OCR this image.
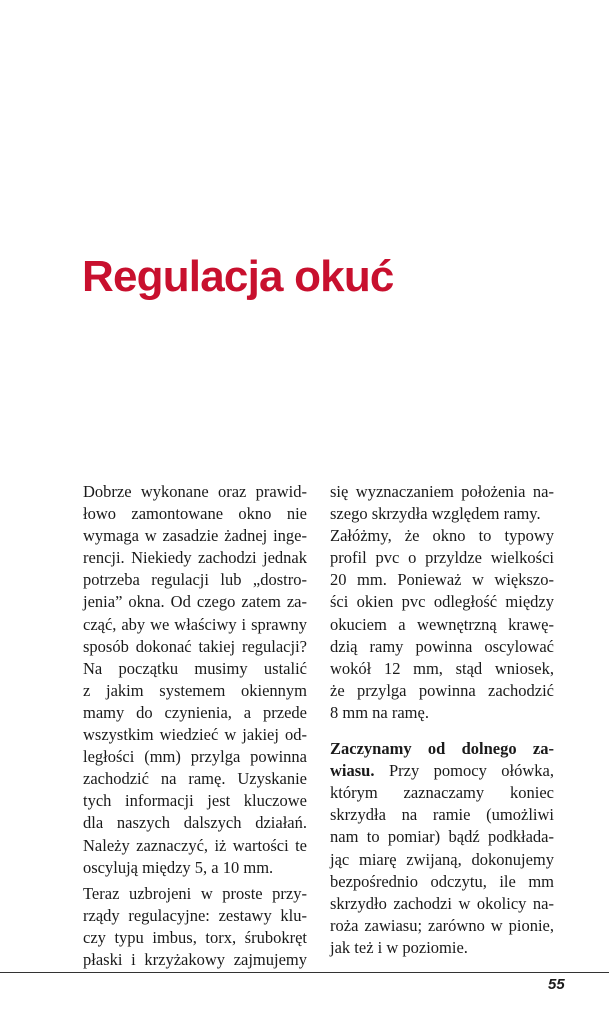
Regulacja okuć
Dobrze wykonane oraz prawid-
łowo zamontowane okno nie
wymaga w zasadzie żadnej inge-
rencji. Niekiedy zachodzi jednak
potrzeba regulacji lub „dostro-
jenia” okna. Od czego zatem za-
cząć, aby we właściwy i sprawny
sposób dokonać takiej regulacji?
Na początku musimy ustalić
z jakim systemem okiennym
mamy do czynienia, a przede
wszystkim wiedzieć w jakiej od-
ległości (mm) przylga powinna
zachodzić na ramę. Uzyskanie
tych informacji jest kluczowe
dla naszych dalszych działań.
Należy zaznaczyć, iż wartości te
oscylują między 5, a 10 mm.
Teraz uzbrojeni w proste przy-
rządy regulacyjne: zestawy klu-
czy typu imbus, torx, śrubokręt
płaski i krzyżakowy zajmujemy
się wyznaczaniem położenia na-
szego skrzydła względem ramy.
Załóżmy, że okno to typowy
profil pvc o przyldze wielkości
20 mm. Ponieważ w większo-
ści okien pvc odległość między
okuciem a wewnętrzną krawę-
dzią ramy powinna oscylować
wokół 12 mm, stąd wniosek,
że przylga powinna zachodzić
8 mm na ramę.
Zaczynamy od dolnego za-
wiasu. Przy pomocy ołówka,
którym zaznaczamy koniec
skrzydła na ramie (umożliwi
nam to pomiar) bądź podkłada-
jąc miarę zwijaną, dokonujemy
bezpośrednio odczytu, ile mm
skrzydło zachodzi w okolicy na-
roża zawiasu; zarówno w pionie,
jak też i w poziomie.
55
